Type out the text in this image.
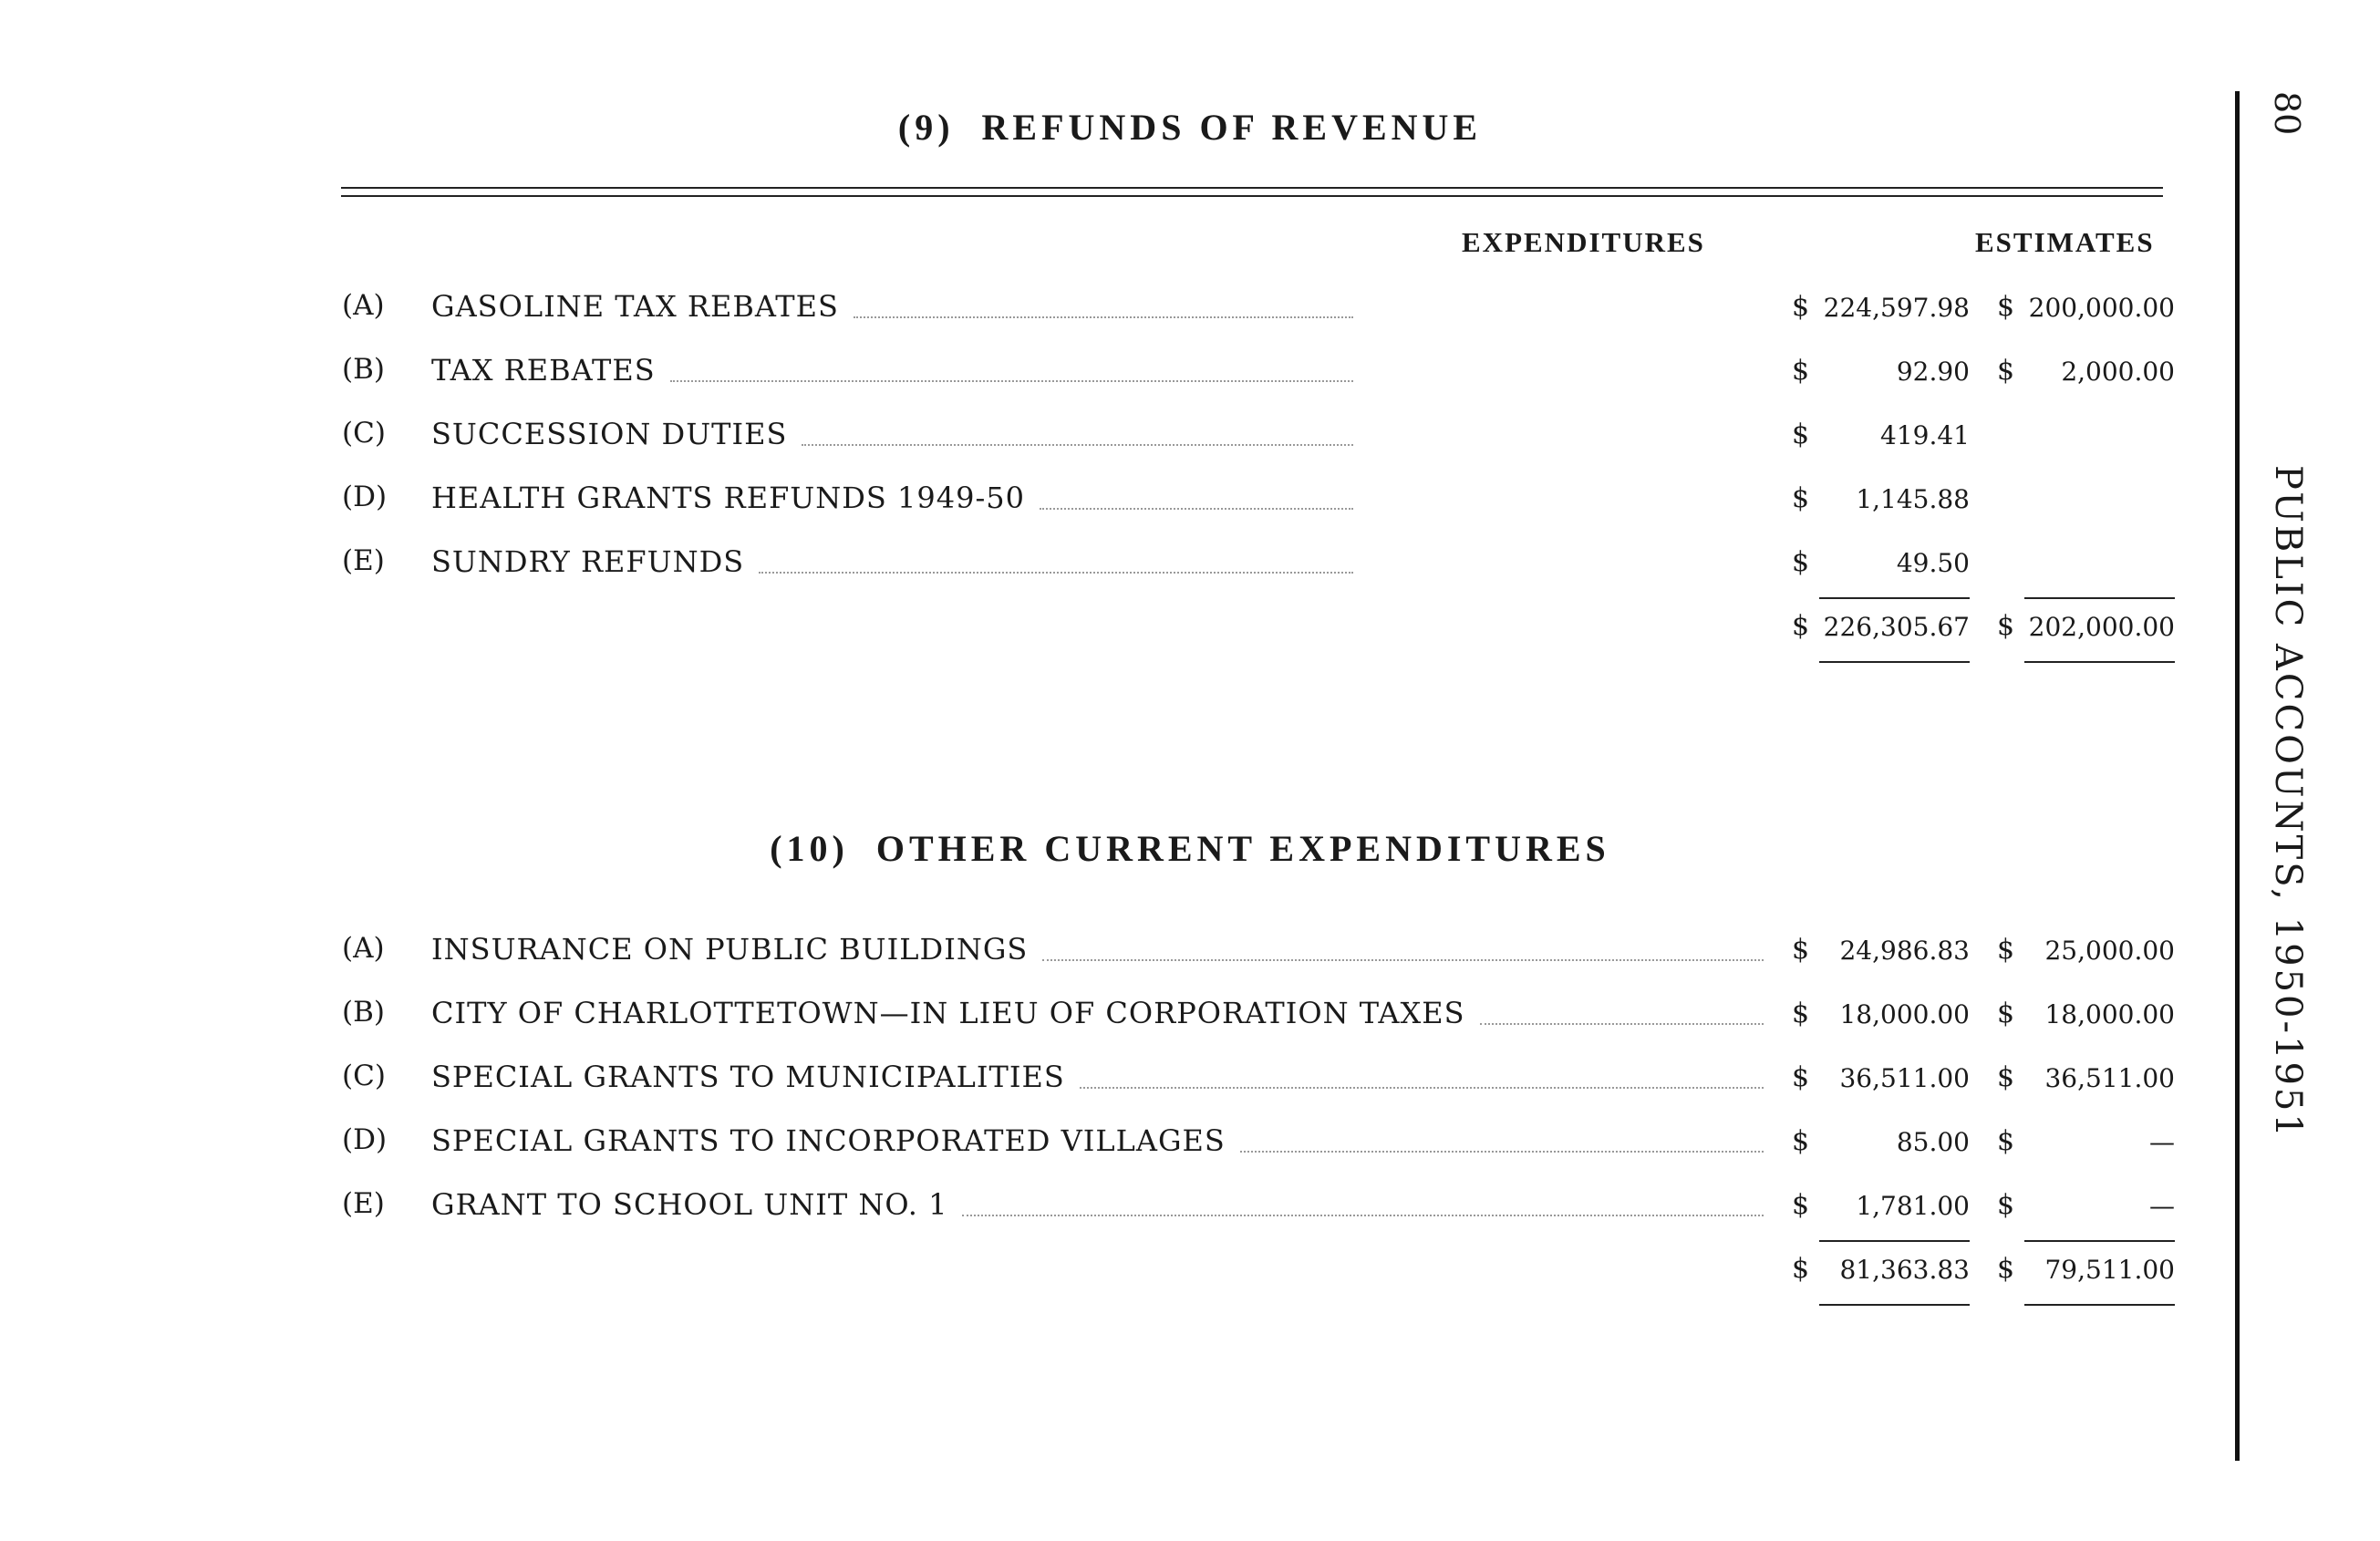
(9)  REFUNDS OF REVENUE
EXPENDITURES	ESTIMATES
(A) GASOLINE TAX REBATES	$ 224,597.98 $ 200,000.00
(B) TAX REBATES	$	92.90 $ 2,000.00
(C) SUCCESSION DUTIES	$	419.41
(D) HEALTH GRANTS REFUNDS 1949-50	$ 1,145.88
(E) SUNDRY REFUNDS	$	49.50
$ 226,305.67 $ 202,000.00
(10)  OTHER CURRENT EXPENDITURES
(A) INSURANCE ON PUBLIC BUILDINGS	$ 24,986.83 $ 25,000.00
(B) CITY OF CHARLOTTETOWN—IN LIEU OF CORPORATION TAXES	$ 18,000.00 $ 18,000.00
(C) SPECIAL GRANTS TO MUNICIPALITIES	$ 36,511.00 $ 36,511.00
(D) SPECIAL GRANTS TO INCORPORATED VILLAGES	$	85.00 $	—
(E) GRANT TO SCHOOL UNIT NO. 1	$ 1,781.00 $	—
$ 81,363.83 $ 79,511.00
80
PUBLIC ACCOUNTS, 1950-1951
